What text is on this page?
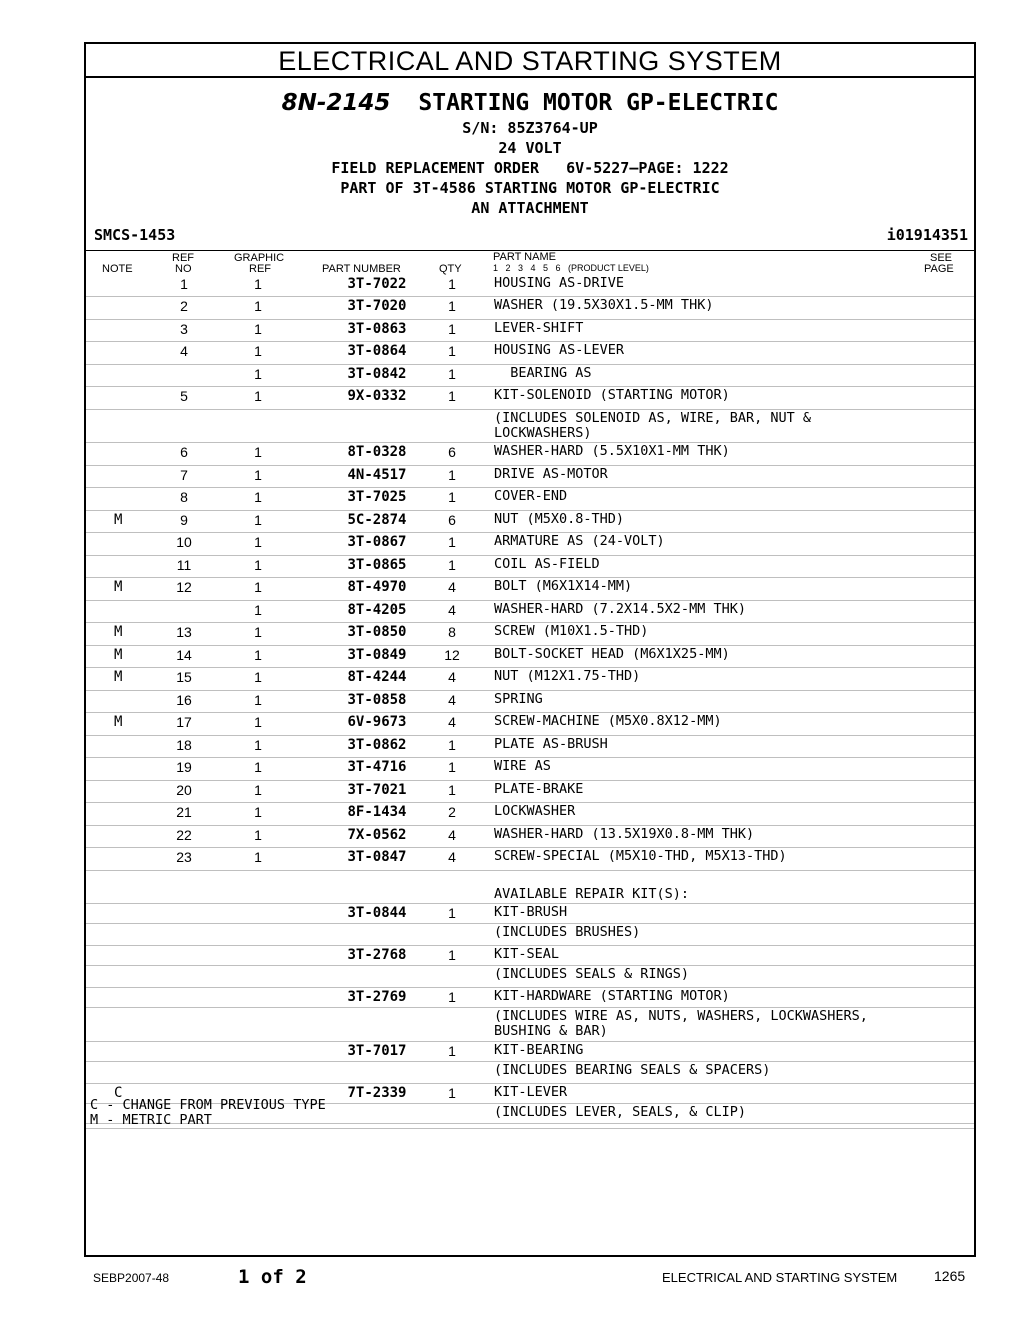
ELECTRICAL AND STARTING SYSTEM
8N-2145 STARTING MOTOR GP-ELECTRIC
S/N: 85Z3764-UP
24 VOLT
FIELD REPLACEMENT ORDER   6V-5227—PAGE: 1222
PART OF 3T-4586 STARTING MOTOR GP-ELECTRIC
AN ATTACHMENT
SMCS-1453	i01914351
NOTE
REF
NO
GRAPHIC
REF	PART NUMBER	QTY
PART NAME
1   2   3   4   5   6   (PRODUCT LEVEL)
SEE
PAGE
1	1	3T-7022	1	HOUSING AS-DRIVE
2	1	3T-7020	1	WASHER (19.5X30X1.5-MM THK)
3	1	3T-0863	1	LEVER-SHIFT
4	1	3T-0864	1	HOUSING AS-LEVER
1	3T-0842	1	BEARING AS
5	1	9X-0332	1	KIT-SOLENOID (STARTING MOTOR)
(INCLUDES SOLENOID AS, WIRE, BAR, NUT &
LOCKWASHERS)
6	1	8T-0328	6	WASHER-HARD (5.5X10X1-MM THK)
7	1	4N-4517	1	DRIVE AS-MOTOR
8	1	3T-7025	1	COVER-END
M	9	1	5C-2874	6	NUT (M5X0.8-THD)
10	1	3T-0867	1	ARMATURE AS (24-VOLT)
11	1	3T-0865	1	COIL AS-FIELD
M	12	1	8T-4970	4	BOLT (M6X1X14-MM)
1	8T-4205	4	WASHER-HARD (7.2X14.5X2-MM THK)
M	13	1	3T-0850	8	SCREW (M10X1.5-THD)
M	14	1	3T-0849	12	BOLT-SOCKET HEAD (M6X1X25-MM)
M	15	1	8T-4244	4	NUT (M12X1.75-THD)
16	1	3T-0858	4	SPRING
M	17	1	6V-9673	4	SCREW-MACHINE (M5X0.8X12-MM)
18	1	3T-0862	1	PLATE AS-BRUSH
19	1	3T-4716	1	WIRE AS
20	1	3T-7021	1	PLATE-BRAKE
21	1	8F-1434	2	LOCKWASHER
22	1	7X-0562	4	WASHER-HARD (13.5X19X0.8-MM THK)
23	1	3T-0847	4	SCREW-SPECIAL (M5X10-THD, M5X13-THD)

AVAILABLE REPAIR KIT(S):
3T-0844	1	KIT-BRUSH
(INCLUDES BRUSHES)
3T-2768	1	KIT-SEAL
(INCLUDES SEALS & RINGS)
3T-2769	1	KIT-HARDWARE (STARTING MOTOR)
(INCLUDES WIRE AS, NUTS, WASHERS, LOCKWASHERS,
BUSHING & BAR)
3T-7017	1	KIT-BEARING
(INCLUDES BEARING SEALS & SPACERS)
C	7T-2339	1	KIT-LEVER
(INCLUDES LEVER, SEALS, & CLIP)
C - CHANGE FROM PREVIOUS TYPE
M - METRIC PART
SEBP2007-48	1 of 2	ELECTRICAL AND STARTING SYSTEM	1265
